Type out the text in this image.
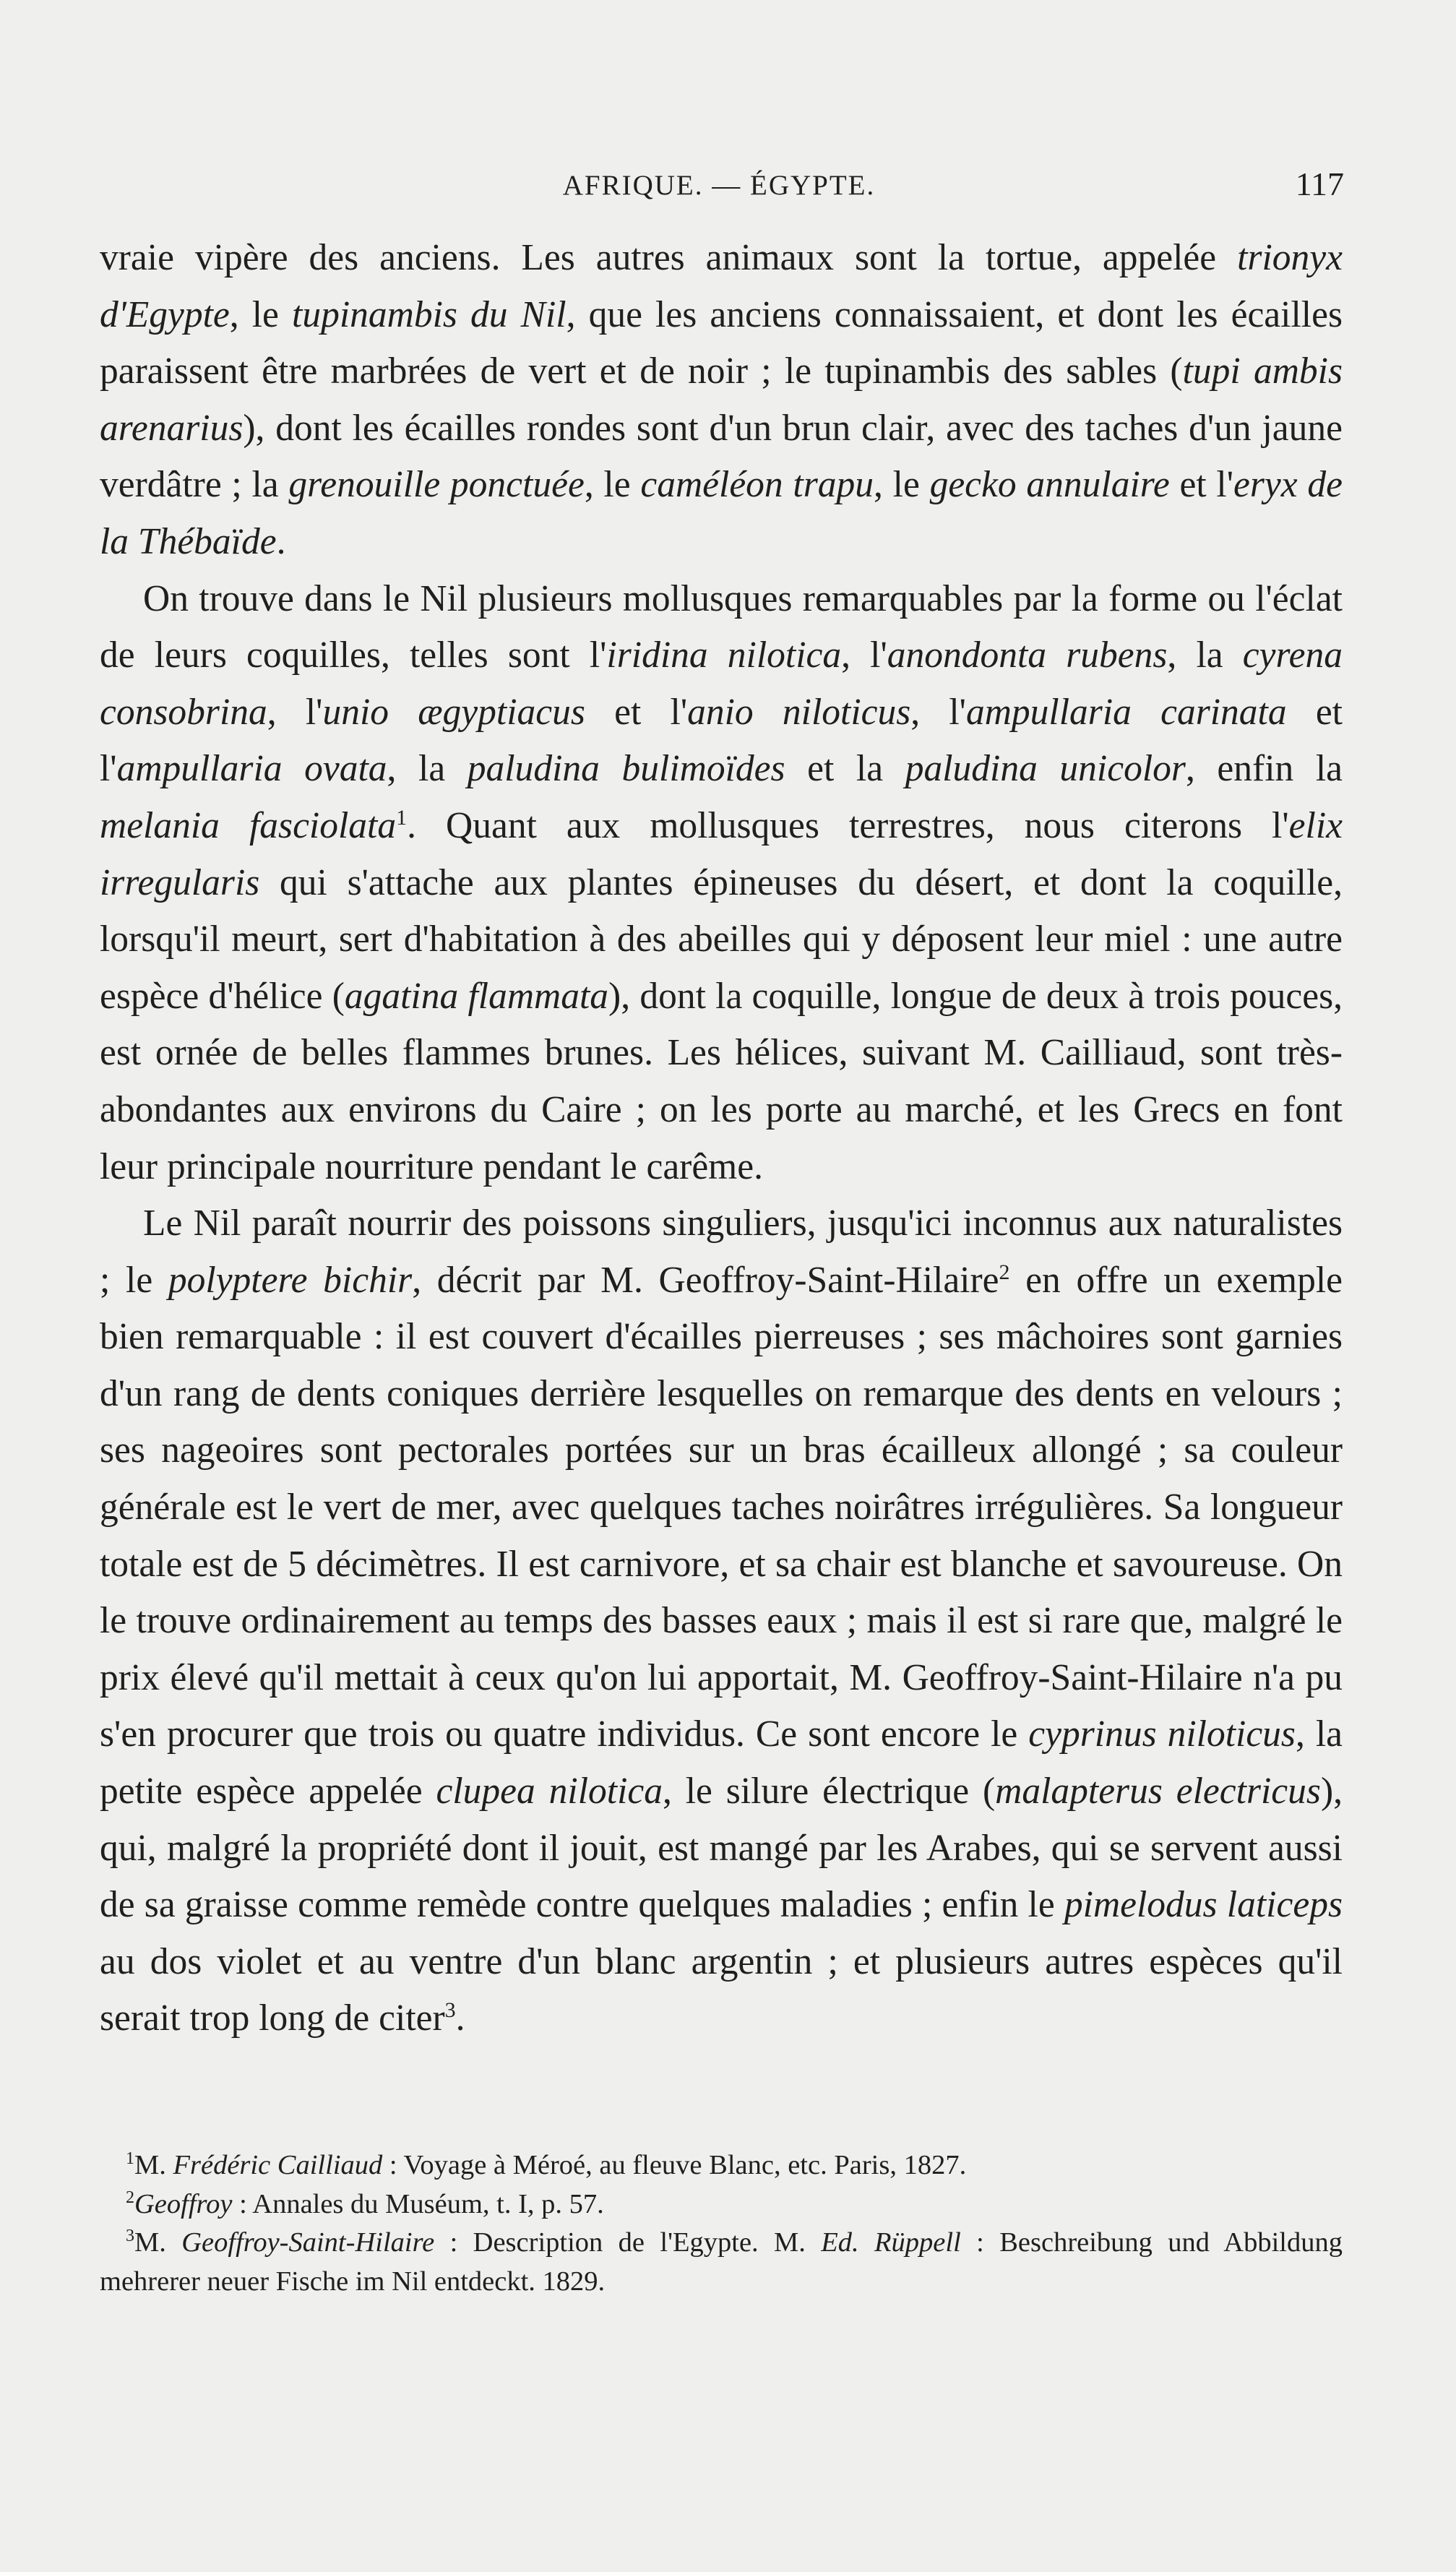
AFRIQUE. — ÉGYPTE.	117

vraie vipère des anciens. Les autres animaux sont la tortue, appelée trionyx d'Egypte, le tupinambis du Nil, que les anciens connaissaient, et dont les écailles paraissent être marbrées de vert et de noir ; le tupinambis des sables (tupi ambis arenarius), dont les écailles rondes sont d'un brun clair, avec des taches d'un jaune verdâtre ; la grenouille ponctuée, le caméléon trapu, le gecko annulaire et l'eryx de la Thébaïde.

On trouve dans le Nil plusieurs mollusques remarquables par la forme ou l'éclat de leurs coquilles, telles sont l'iridina nilotica, l'anondonta rubens, la cyrena consobrina, l'unio ægyptiacus et l'anio niloticus, l'ampullaria carinata et l'ampullaria ovata, la paludina bulimoïdes et la paludina unicolor, enfin la melania fasciolata$^1$. Quant aux mollusques terrestres, nous citerons l'elix irregularis qui s'attache aux plantes épineuses du désert, et dont la coquille, lorsqu'il meurt, sert d'habitation à des abeilles qui y déposent leur miel : une autre espèce d'hélice (agatina flammata), dont la coquille, longue de deux à trois pouces, est ornée de belles flammes brunes. Les hélices, suivant M. Cailliaud, sont très-abondantes aux environs du Caire ; on les porte au marché, et les Grecs en font leur principale nourriture pendant le carême.

Le Nil paraît nourrir des poissons singuliers, jusqu'ici inconnus aux naturalistes ; le polyptere bichir, décrit par M. Geoffroy-Saint-Hilaire$^2$ en offre un exemple bien remarquable : il est couvert d'écailles pierreuses ; ses mâchoires sont garnies d'un rang de dents coniques derrière lesquelles on remarque des dents en velours ; ses nageoires sont pectorales portées sur un bras écailleux allongé ; sa couleur générale est le vert de mer, avec quelques taches noirâtres irrégulières. Sa longueur totale est de 5 décimètres. Il est carnivore, et sa chair est blanche et savoureuse. On le trouve ordinairement au temps des basses eaux ; mais il est si rare que, malgré le prix élevé qu'il mettait à ceux qu'on lui apportait, M. Geoffroy-Saint-Hilaire n'a pu s'en procurer que trois ou quatre individus. Ce sont encore le cyprinus niloticus, la petite espèce appelée clupea nilotica, le silure électrique (malapterus electricus), qui, malgré la propriété dont il jouit, est mangé par les Arabes, qui se servent aussi de sa graisse comme remède contre quelques maladies ; enfin le pimelodus laticeps au dos violet et au ventre d'un blanc argentin ; et plusieurs autres espèces qu'il serait trop long de citer$^3$.

$^1$M. Frédéric Cailliaud : Voyage à Méroé, au fleuve Blanc, etc. Paris, 1827.

$^2$Geoffroy : Annales du Muséum, t. I, p. 57.

$^3$M. Geoffroy-Saint-Hilaire : Description de l'Egypte. M. Ed. Rüppell : Beschreibung und Abbildung mehrerer neuer Fische im Nil entdeckt. 1829.
